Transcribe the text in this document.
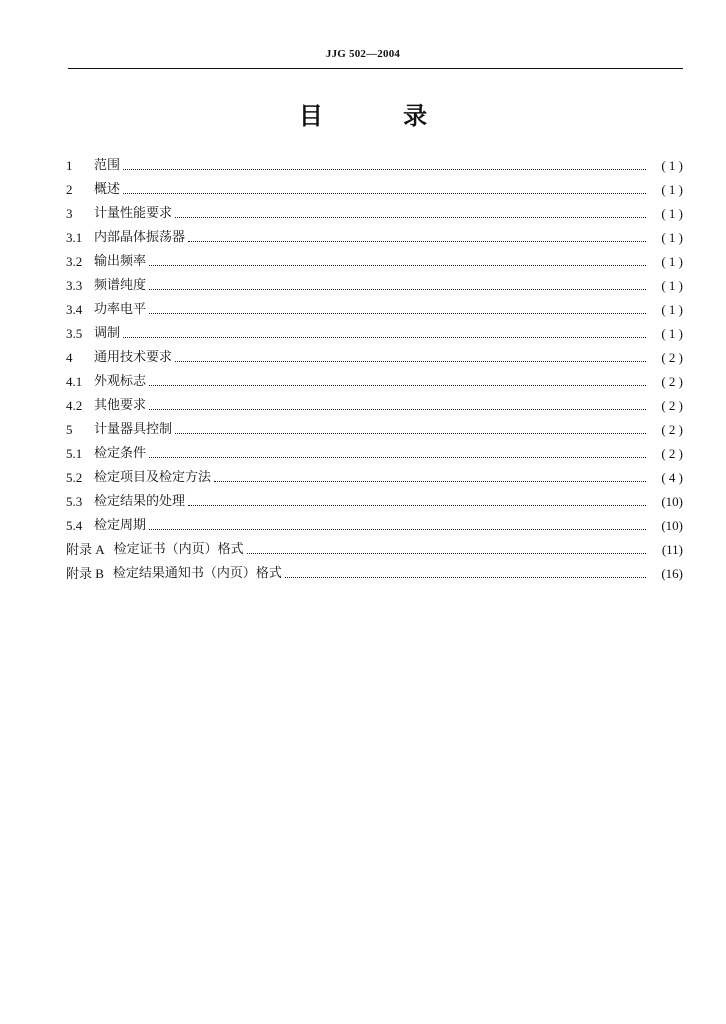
JJG 502—2004
目 录
1	范围	( 1 )
2	概述	( 1 )
3	计量性能要求	( 1 )
3.1 内部晶体振荡器	( 1 )
3.2 输出频率	( 1 )
3.3 频谱纯度	( 1 )
3.4 功率电平	( 1 )
3.5 调制	( 1 )
4	通用技术要求	( 2 )
4.1 外观标志	( 2 )
4.2 其他要求	( 2 )
5	计量器具控制	( 2 )
5.1 检定条件	( 2 )
5.2 检定项目及检定方法	( 4 )
5.3 检定结果的处理	(10)
5.4 检定周期	(10)
附录 A 检定证书（内页）格式	(11)
附录 B 检定结果通知书（内页）格式	(16)
